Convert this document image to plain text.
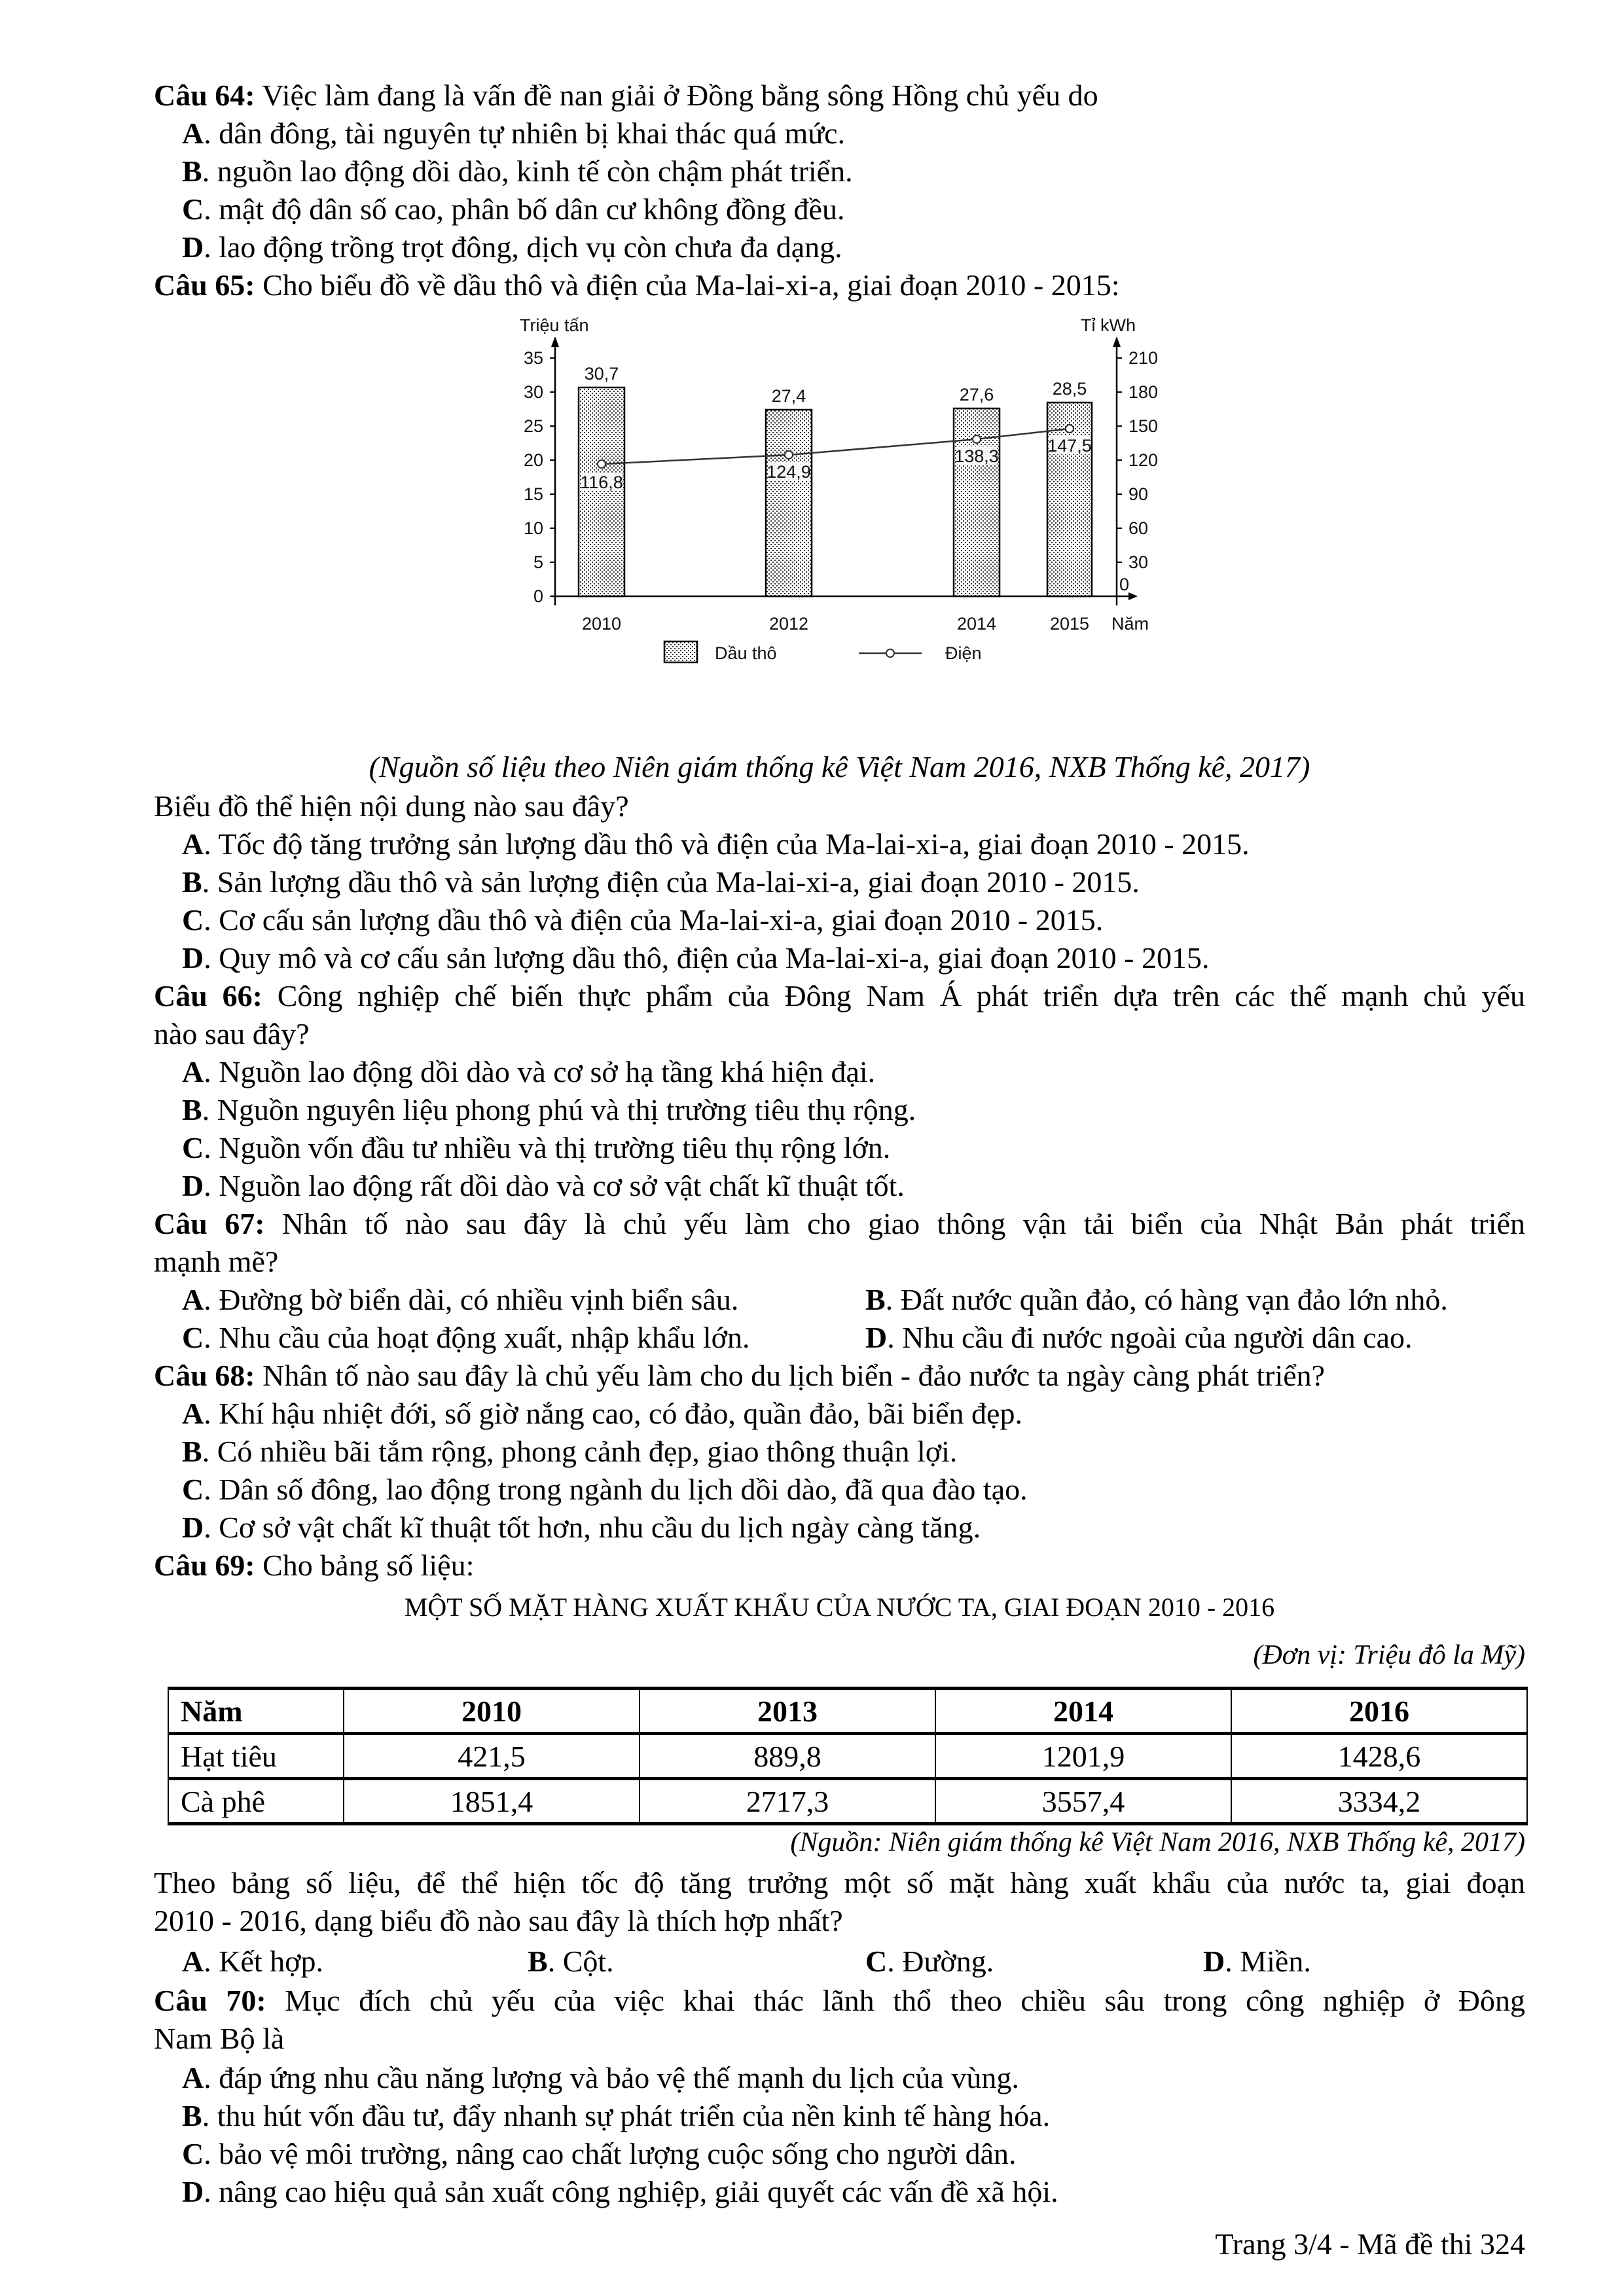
Câu 64: Việc làm đang là vấn đề nan giải ở Đồng bằng sông Hồng chủ yếu do
A. dân đông, tài nguyên tự nhiên bị khai thác quá mức.
B. nguồn lao động dồi dào, kinh tế còn chậm phát triển.
C. mật độ dân số cao, phân bố dân cư không đồng đều.
D. lao động trồng trọt đông, dịch vụ còn chưa đa dạng.
Câu 65: Cho biểu đồ về dầu thô và điện của Ma-lai-xi-a, giai đoạn 2010 - 2015:
Triệu tấn	Tỉ kWh
0
5
10
15
20
25
30
35
0
30
60
90
120
150
180
210
30,7
27,4	27,6	28,5
116,8
124,9
138,3
147,5
2010	2012	2014	2015 Năm
Dầu thô	Điện
(Nguồn số liệu theo Niên giám thống kê Việt Nam 2016, NXB Thống kê, 2017)
Biểu đồ thể hiện nội dung nào sau đây?
A. Tốc độ tăng trưởng sản lượng dầu thô và điện của Ma-lai-xi-a, giai đoạn 2010 - 2015.
B. Sản lượng dầu thô và sản lượng điện của Ma-lai-xi-a, giai đoạn 2010 - 2015.
C. Cơ cấu sản lượng dầu thô và điện của Ma-lai-xi-a, giai đoạn 2010 - 2015.
D. Quy mô và cơ cấu sản lượng dầu thô, điện của Ma-lai-xi-a, giai đoạn 2010 - 2015.
Câu 66: Công nghiệp chế biến thực phẩm của Đông Nam Á phát triển dựa trên các thế mạnh chủ yếu
nào sau đây?
A. Nguồn lao động dồi dào và cơ sở hạ tầng khá hiện đại.
B. Nguồn nguyên liệu phong phú và thị trường tiêu thụ rộng.
C. Nguồn vốn đầu tư nhiều và thị trường tiêu thụ rộng lớn.
D. Nguồn lao động rất dồi dào và cơ sở vật chất kĩ thuật tốt.
Câu 67: Nhân tố nào sau đây là chủ yếu làm cho giao thông vận tải biển của Nhật Bản phát triển
mạnh mẽ?
A. Đường bờ biển dài, có nhiều vịnh biển sâu.	B. Đất nước quần đảo, có hàng vạn đảo lớn nhỏ.
C. Nhu cầu của hoạt động xuất, nhập khẩu lớn.	D. Nhu cầu đi nước ngoài của người dân cao.
Câu 68: Nhân tố nào sau đây là chủ yếu làm cho du lịch biển - đảo nước ta ngày càng phát triển?
A. Khí hậu nhiệt đới, số giờ nắng cao, có đảo, quần đảo, bãi biển đẹp.
B. Có nhiều bãi tắm rộng, phong cảnh đẹp, giao thông thuận lợi.
C. Dân số đông, lao động trong ngành du lịch dồi dào, đã qua đào tạo.
D. Cơ sở vật chất kĩ thuật tốt hơn, nhu cầu du lịch ngày càng tăng.
Câu 69: Cho bảng số liệu:
MỘT SỐ MẶT HÀNG XUẤT KHẨU CỦA NƯỚC TA, GIAI ĐOẠN 2010 - 2016
(Đơn vị: Triệu đô la Mỹ)
Năm	2010	2013	2014	2016
Hạt tiêu	421,5	889,8	1201,9	1428,6
Cà phê	1851,4	2717,3	3557,4	3334,2
(Nguồn: Niên giám thống kê Việt Nam 2016, NXB Thống kê, 2017)
Theo bảng số liệu, để thể hiện tốc độ tăng trưởng một số mặt hàng xuất khẩu của nước ta, giai đoạn
2010 - 2016, dạng biểu đồ nào sau đây là thích hợp nhất?
A. Kết hợp.	B. Cột.	C. Đường.	D. Miền.
Câu 70: Mục đích chủ yếu của việc khai thác lãnh thổ theo chiều sâu trong công nghiệp ở Đông
Nam Bộ là
A. đáp ứng nhu cầu năng lượng và bảo vệ thế mạnh du lịch của vùng.
B. thu hút vốn đầu tư, đẩy nhanh sự phát triển của nền kinh tế hàng hóa.
C. bảo vệ môi trường, nâng cao chất lượng cuộc sống cho người dân.
D. nâng cao hiệu quả sản xuất công nghiệp, giải quyết các vấn đề xã hội.
Trang 3/4 - Mã đề thi 324
